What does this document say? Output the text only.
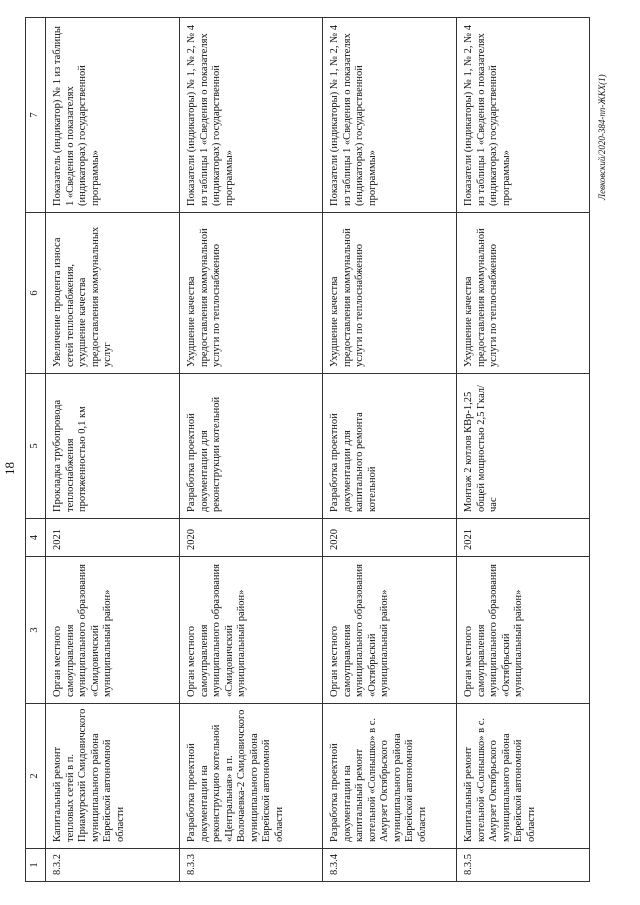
18
1	2	3	4	5	6	7
8.3.2	Капитальный ремонт тепловых сетей в п. Приамурский Смидовичского муниципального района Еврейской автономной области	Орган местного самоуправления муниципального образования «Смидовичский муниципальный район»	2021	Прокладка трубопровода теплоснабжения протяженностью 0,1 км	Увеличение процента износа сетей теплоснабжения, ухудшение качества предоставления коммунальных услуг	Показатель (индикатор) № 1 из таблицы 1 «Сведения о показателях (индикаторах) государственной программы»
8.3.3	Разработка проектной документации на реконструкцию котельной «Центральная» в п. Волочаевка-2 Смидовичского муниципального района Еврейской автономной области	Орган местного самоуправления муниципального образования «Смидовичский муниципальный район»	2020	Разработка проектной документации для реконструкции котельной	Ухудшение качества предоставления коммунальной услуги по теплоснабжению	Показатели (индикаторы) № 1, № 2, № 4 из таблицы 1 «Сведения о показателях (индикаторах) государственной программы»
8.3.4	Разработка проектной документации на капитальный ремонт котельной «Солнышко» в с. Амурзет Октябрьского муниципального района Еврейской автономной области	Орган местного самоуправления муниципального образования «Октябрьский муниципальный район»	2020	Разработка проектной документации для капитального ремонта котельной	Ухудшение качества предоставления коммунальной услуги по теплоснабжению	Показатели (индикаторы) № 1, № 2, № 4 из таблицы 1 «Сведения о показателях (индикаторах) государственной программы»
8.3.5	Капитальный ремонт котельной «Солнышко» в с. Амурзет Октябрьского муниципального района Еврейской автономной области	Орган местного самоуправления муниципального образования «Октябрьский муниципальный район»	2021	Монтаж 2 котлов КВр-1,25 общей мощностью 2,5 Гкал/час	Ухудшение качества предоставления коммунальной услуги по теплоснабжению	Показатели (индикаторы) № 1, № 2, № 4 из таблицы 1 «Сведения о показателях (индикаторах) государственной программы»	Левковский/2020-384-пп-ЖКХ(1)
